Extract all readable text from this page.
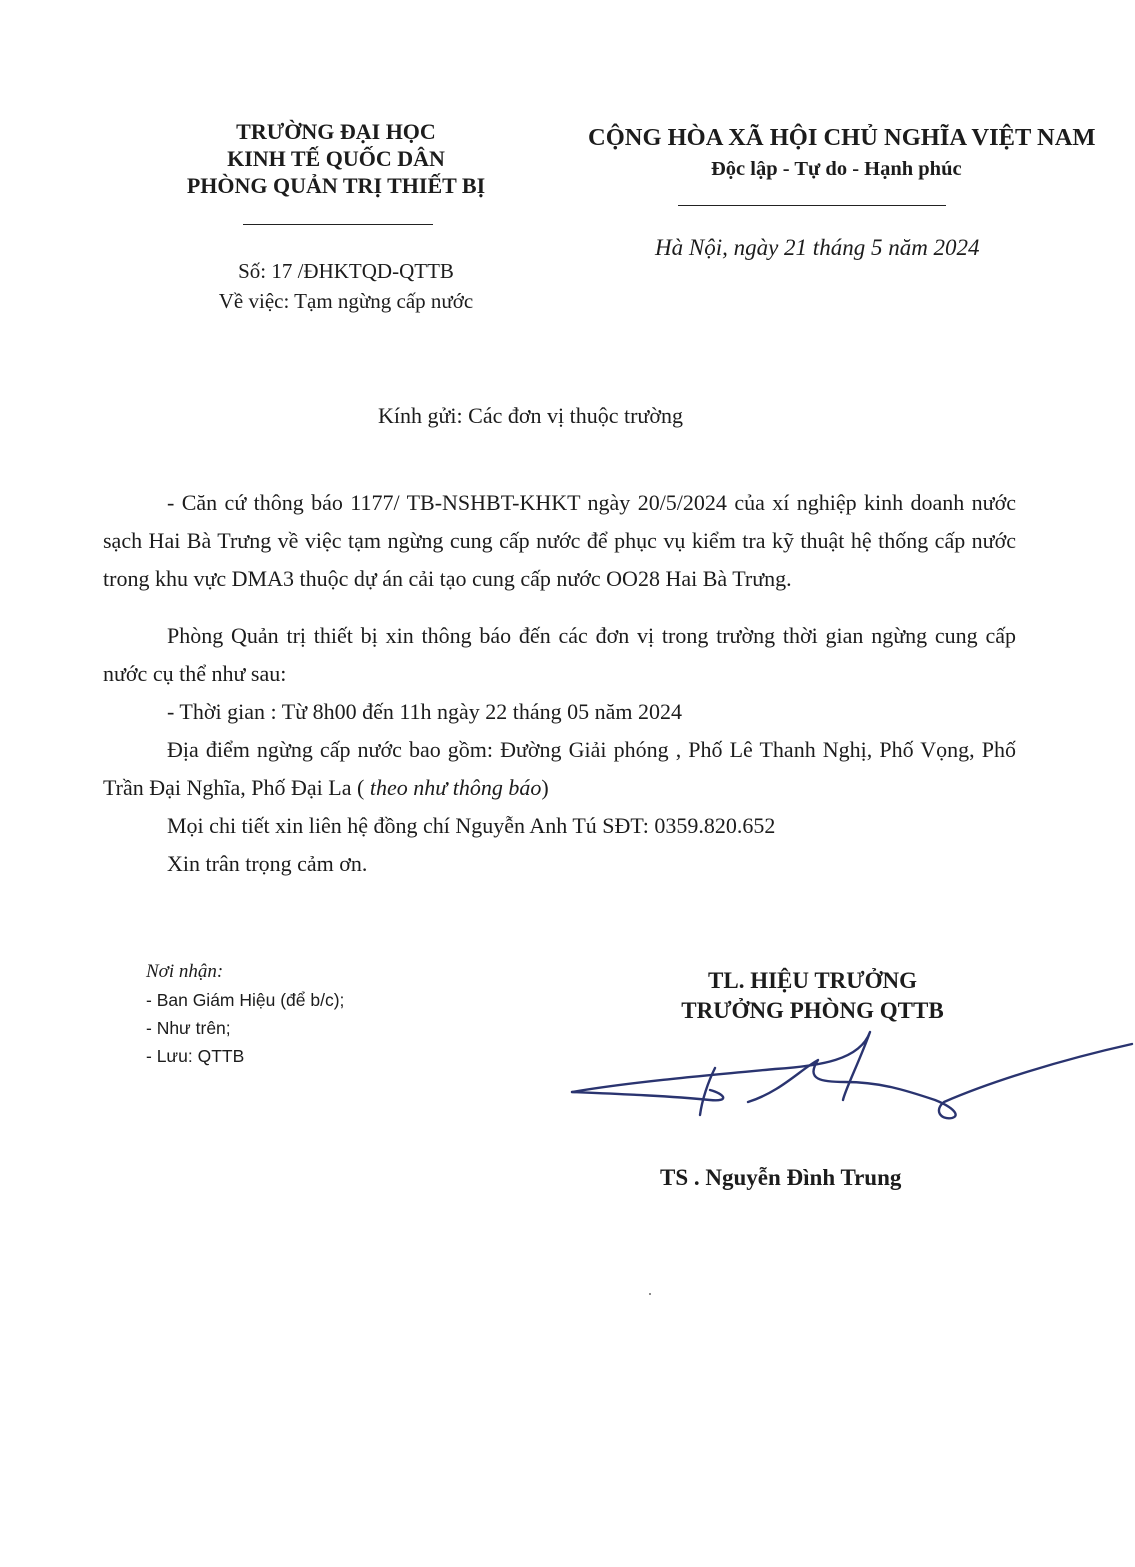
TRƯỜNG ĐẠI HỌC
KINH TẾ QUỐC DÂN
PHÒNG QUẢN TRỊ THIẾT BỊ
Số: 17 /ĐHKTQD-QTTB
Về việc: Tạm ngừng cấp nước
CỘNG HÒA XÃ HỘI CHỦ NGHĨA VIỆT NAM
Độc lập - Tự do - Hạnh phúc
Hà Nội, ngày 21 tháng 5 năm 2024
Kính gửi: Các đơn vị thuộc trường

- Căn cứ thông báo 1177/ TB-NSHBT-KHKT ngày 20/5/2024 của xí nghiệp kinh doanh nước sạch Hai Bà Trưng về việc tạm ngừng cung cấp nước để phục vụ kiểm tra kỹ thuật hệ thống cấp nước trong khu vực DMA3 thuộc dự án cải tạo cung cấp nước OO28 Hai Bà Trưng.

Phòng Quản trị thiết bị xin thông báo đến các đơn vị trong trường thời gian ngừng cung cấp nước cụ thể như sau:

- Thời gian : Từ 8h00 đến 11h ngày 22 tháng 05 năm 2024

Địa điểm ngừng cấp nước bao gồm: Đường Giải phóng , Phố Lê Thanh Nghị, Phố Vọng, Phố Trần Đại Nghĩa, Phố Đại La ( theo như thông báo)

Mọi chi tiết xin liên hệ đồng chí Nguyễn Anh Tú SĐT: 0359.820.652

Xin trân trọng cảm ơn.

Nơi nhận:
- Ban Giám Hiệu (để b/c);
- Như trên;
- Lưu: QTTB
TL. HIỆU TRƯỞNG
TRƯỞNG PHÒNG QTTB
TS . Nguyễn Đình Trung
